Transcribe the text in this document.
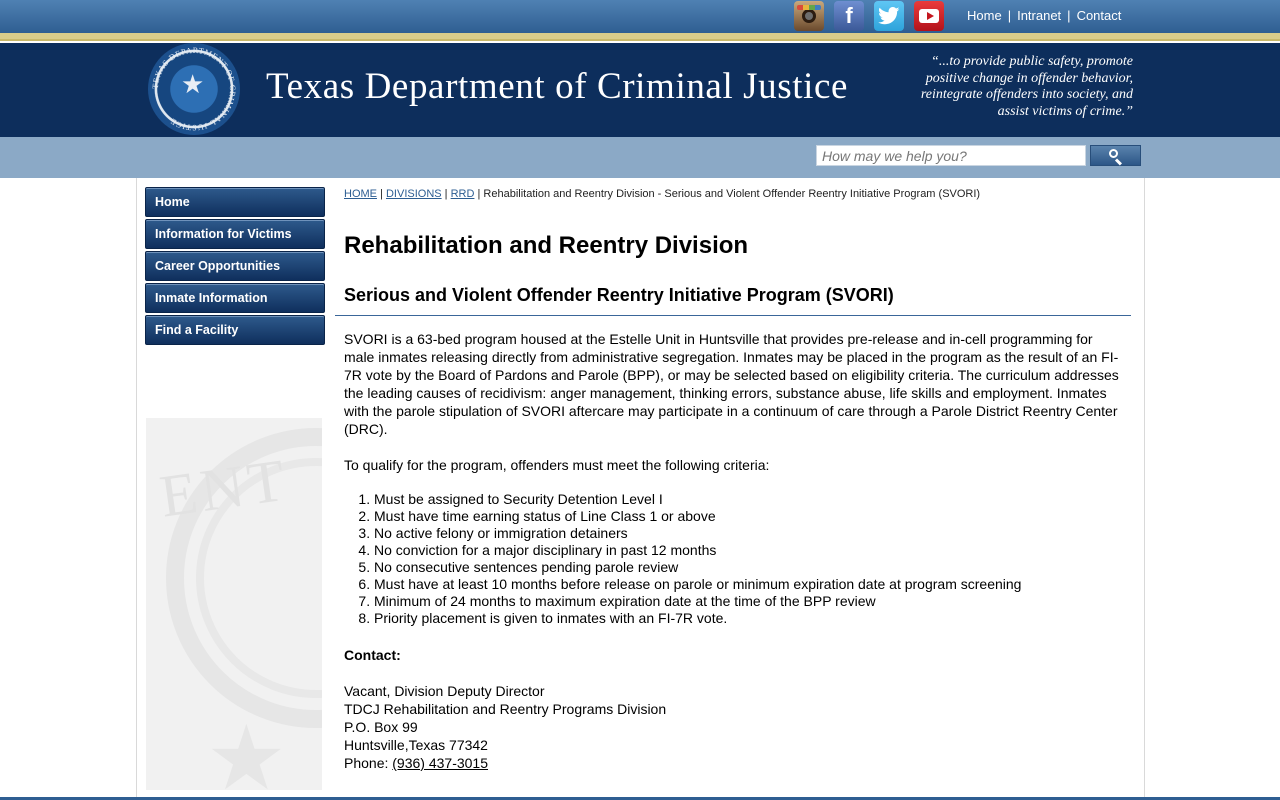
f	Home | Intranet | Contact
TEXAS DEPARTMENT OF CRIMINAL JUSTICE
★ Texas Department of Criminal Justice
“...to provide public safety, promote positive change in offender behavior, reintegrate offenders into society, and assist victims of crime.”
How may we help you?
Home
Information for Victims
Career Opportunities
Inmate Information
Find a Facility
ENT
★
HOME | DIVISIONS | RRD | Rehabilitation and Reentry Division - Serious and Violent Offender Reentry Initiative Program (SVORI)
Rehabilitation and Reentry Division
Serious and Violent Offender Reentry Initiative Program (SVORI)

SVORI is a 63-bed program housed at the Estelle Unit in Huntsville that provides pre-release and in-cell programming for male inmates releasing directly from administrative segregation. Inmates may be placed in the program as the result of an FI-7R vote by the Board of Pardons and Parole (BPP), or may be selected based on eligibility criteria. The curriculum addresses the leading causes of recidivism: anger management, thinking errors, substance abuse, life skills and employment. Inmates with the parole stipulation of SVORI aftercare may participate in a continuum of care through a Parole District Reentry Center (DRC).

To qualify for the program, offenders must meet the following criteria:

1. Must be assigned to Security Detention Level I
2. Must have time earning status of Line Class 1 or above
3. No active felony or immigration detainers
4. No conviction for a major disciplinary in past 12 months
5. No consecutive sentences pending parole review
6. Must have at least 10 months before release on parole or minimum expiration date at program screening
7. Minimum of 24 months to maximum expiration date at the time of the BPP review
8. Priority placement is given to inmates with an FI-7R vote.

Contact:

Vacant, Division Deputy Director
TDCJ Rehabilitation and Reentry Programs Division
P.O. Box 99
Huntsville,Texas 77342
Phone: (936) 437-3015
